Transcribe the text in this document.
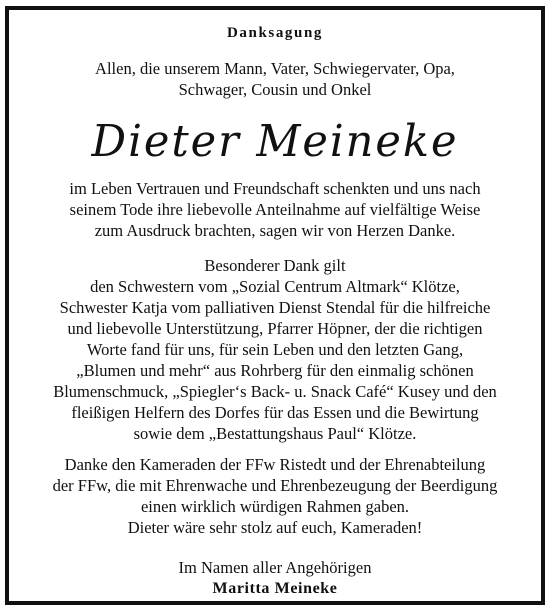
Danksagung
Allen, die unserem Mann, Vater, Schwiegervater, Opa,
Schwager, Cousin und Onkel
Dieter Meineke
im Leben Vertrauen und Freundschaft schenkten und uns nach
seinem Tode ihre liebevolle Anteilnahme auf vielfältige Weise
zum Ausdruck brachten, sagen wir von Herzen Danke.
Besonderer Dank gilt
den Schwestern vom „Sozial Centrum Altmark“ Klötze,
Schwester Katja vom palliativen Dienst Stendal für die hilfreiche
und liebevolle Unterstützung, Pfarrer Höpner, der die richtigen
Worte fand für uns, für sein Leben und den letzten Gang,
„Blumen und mehr“ aus Rohrberg für den einmalig schönen
Blumenschmuck, „Spiegler‘s Back- u. Snack Café“ Kusey und den
fleißigen Helfern des Dorfes für das Essen und die Bewirtung
sowie dem „Bestattungshaus Paul“ Klötze.
Danke den Kameraden der FFw Ristedt und der Ehrenabteilung
der FFw, die mit Ehrenwache und Ehrenbezeugung der Beerdigung
einen wirklich würdigen Rahmen gaben.
Dieter wäre sehr stolz auf euch, Kameraden!
Im Namen aller Angehörigen
Maritta Meineke
